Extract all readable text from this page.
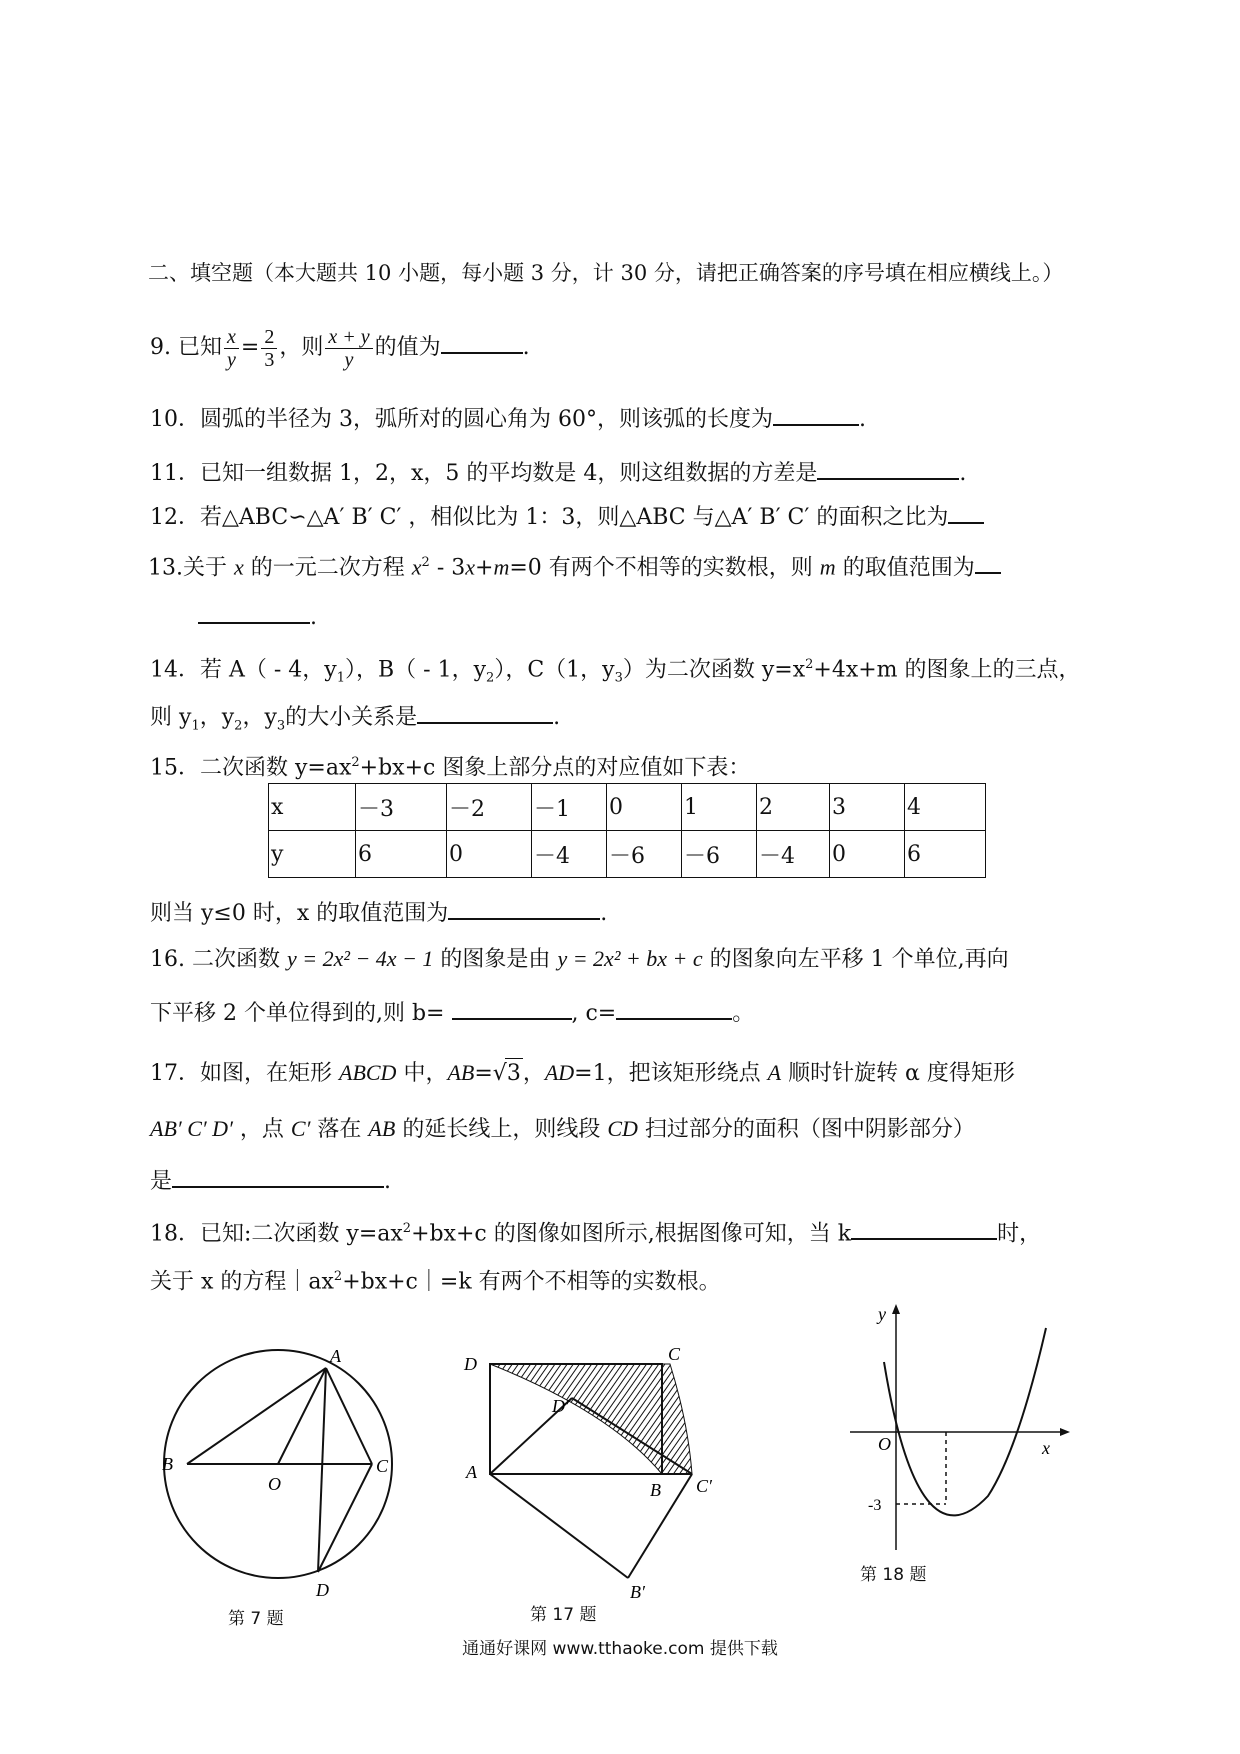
二、填空题（本大题共 10 小题，每小题 3 分，计 30 分，请把正确答案的序号填在相应横线上。）
9. 已知 $\frac{x}{y} = \frac{2}{3}$ ，则 $\frac{x + y}{y}$ 的值为	.
10．圆弧的半径为 3，弧所对的圆心角为 60°，则该弧的长度为	.
11．已知一组数据 1，2，x，5 的平均数是 4，则这组数据的方差是	.
12．若△ABC∽△A′ B′ C′ ，相似比为 1：3，则△ABC 与△A′ B′ C′ 的面积之比为
13.关于 x 的一元二次方程 $x^2 - 3x+m=0$ 有两个不相等的实数根，则 m 的取值范围为
.
14．若 A（ - 4，$y_1$），B（ - 1，$y_2$），C（1，$y_3$）为二次函数 $y=x^2+4x+m$ 的图象上的三点，
则 $y_1$，$y_2$，$y_3$的大小关系是	.
15．二次函数 $y=ax^2+bx+c$ 图象上部分点的对应值如下表：
x	－3	－2	－1	0	1	2	3	4
y	6	0	－4	－6	－6	－4	0	6
则当 y≤0 时，x 的取值范围为	.
16. 二次函数 y = 2x² − 4x − 1 的图象是由 y = 2x² + bx + c 的图象向左平移 1 个单位,再向
下平移 2 个单位得到的,则 b=	, c=	。
17．如图，在矩形 ABCD 中，AB=√3，AD=1，把该矩形绕点 A 顺时针旋转 α 度得矩形
AB′ C′ D′ ，点 C′ 落在 AB 的延长线上，则线段 CD 扫过部分的面积（图中阴影部分）
是	.
18．已知:二次函数 $y=ax^2+bx+c$ 的图像如图所示,根据图像可知，当 k	时，
关于 x 的方程$|ax^2+bx+c|=k$ 有两个不相等的实数根。
A
B	C
O
D
第 7 题
D	C
D′
A
B C′
B′
第 17 题
y
x
O
-3
第 18 题
通通好课网 www.tthaoke.com 提供下载
